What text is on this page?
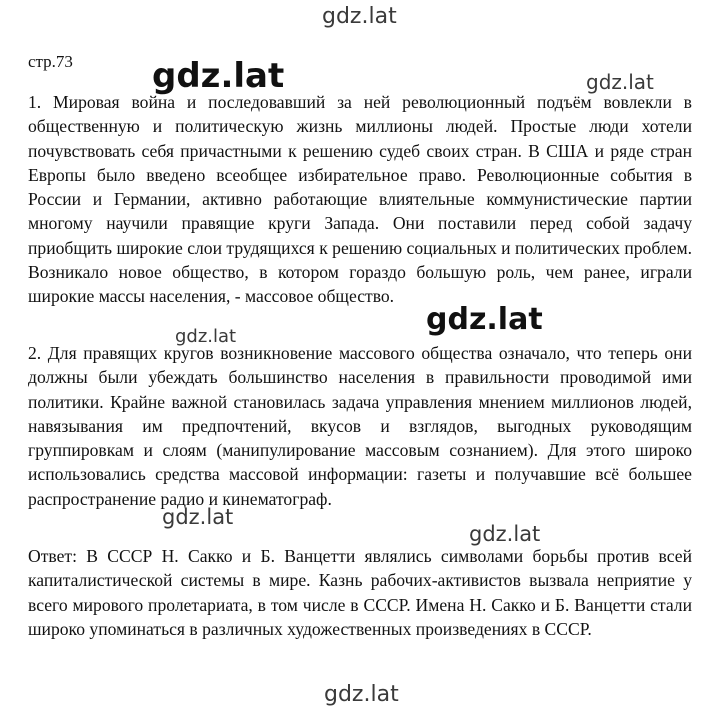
gdz.lat
стр.73
1. Мировая война и последовавший за ней революционный подъём вовлекли в общественную и политическую жизнь миллионы людей. Простые люди хотели почувствовать себя причастными к решению судеб своих стран. В США и ряде стран Европы было введено всеобщее избирательное право. Революционные события в России и Германии, активно работающие влиятельные коммунистические партии многому научили правящие круги Запада. Они поставили перед собой задачу приобщить широкие слои трудящихся к решению социальных и политических проблем. Возникало новое общество, в котором гораздо большую роль, чем ранее, играли широкие массы населения, - массовое общество.
2. Для правящих кругов возникновение массового общества означало, что теперь они должны были убеждать большинство населения в правильности проводимой ими политики. Крайне важной становилась задача управления мнением миллионов людей, навязывания им предпочтений, вкусов и взглядов, выгодных руководящим группировкам и слоям (манипулирование массовым сознанием). Для этого широко использовались средства массовой информации: газеты и получавшие всё большее распространение радио и кинематограф.
Ответ: В СССР Н. Сакко и Б. Ванцетти являлись символами борьбы против всей капиталистической системы в мире. Казнь рабочих-активистов вызвала неприятие у всего мирового пролетариата, в том числе в СССР. Имена Н. Сакко и Б. Ванцетти стали широко упоминаться в различных художественных произведениях в СССР.
gdz.lat	gdz.lat
gdz.lat
gdz.lat
gdz.lat
gdz.lat
gdz.lat
